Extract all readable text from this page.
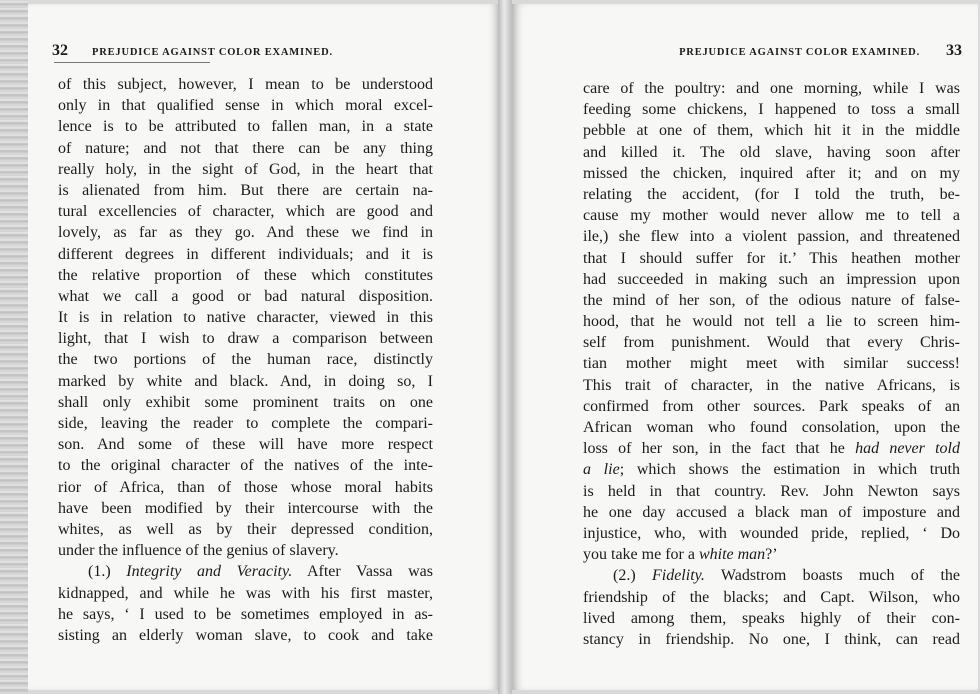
32 PREJUDICE AGAINST COLOR EXAMINED.	PREJUDICE AGAINST COLOR EXAMINED. 33
of this subject, however, I mean to be understood
only in that qualified sense in which moral excel-
lence is to be attributed to fallen man, in a state
of nature; and not that there can be any thing
really holy, in the sight of God, in the heart that
is alienated from him. But there are certain na-
tural excellencies of character, which are good and
lovely, as far as they go. And these we find in
different degrees in different individuals; and it is
the relative proportion of these which constitutes
what we call a good or bad natural disposition.
It is in relation to native character, viewed in this
light, that I wish to draw a comparison between
the two portions of the human race, distinctly
marked by white and black. And, in doing so, I
shall only exhibit some prominent traits on one
side, leaving the reader to complete the compari-
son. And some of these will have more respect
to the original character of the natives of the inte-
rior of Africa, than of those whose moral habits
have been modified by their intercourse with the
whites, as well as by their depressed condition,
under the influence of the genius of slavery.
(1.) Integrity and Veracity. After Vassa was
kidnapped, and while he was with his first master,
he says, ‘ I used to be sometimes employed in as-
sisting an elderly woman slave, to cook and take
care of the poultry: and one morning, while I was
feeding some chickens, I happened to toss a small
pebble at one of them, which hit it in the middle
and killed it. The old slave, having soon after
missed the chicken, inquired after it; and on my
relating the accident, (for I told the truth, be-
cause my mother would never allow me to tell a
ile,) she flew into a violent passion, and threatened
that I should suffer for it.’ This heathen mother
had succeeded in making such an impression upon
the mind of her son, of the odious nature of false-
hood, that he would not tell a lie to screen him-
self from punishment. Would that every Chris-
tian mother might meet with similar success!
This trait of character, in the native Africans, is
confirmed from other sources. Park speaks of an
African woman who found consolation, upon the
loss of her son, in the fact that he had never told
a lie; which shows the estimation in which truth
is held in that country. Rev. John Newton says
he one day accused a black man of imposture and
injustice, who, with wounded pride, replied, ‘ Do
you take me for a white man?’
(2.) Fidelity. Wadstrom boasts much of the
friendship of the blacks; and Capt. Wilson, who
lived among them, speaks highly of their con-
stancy in friendship. No one, I think, can read
